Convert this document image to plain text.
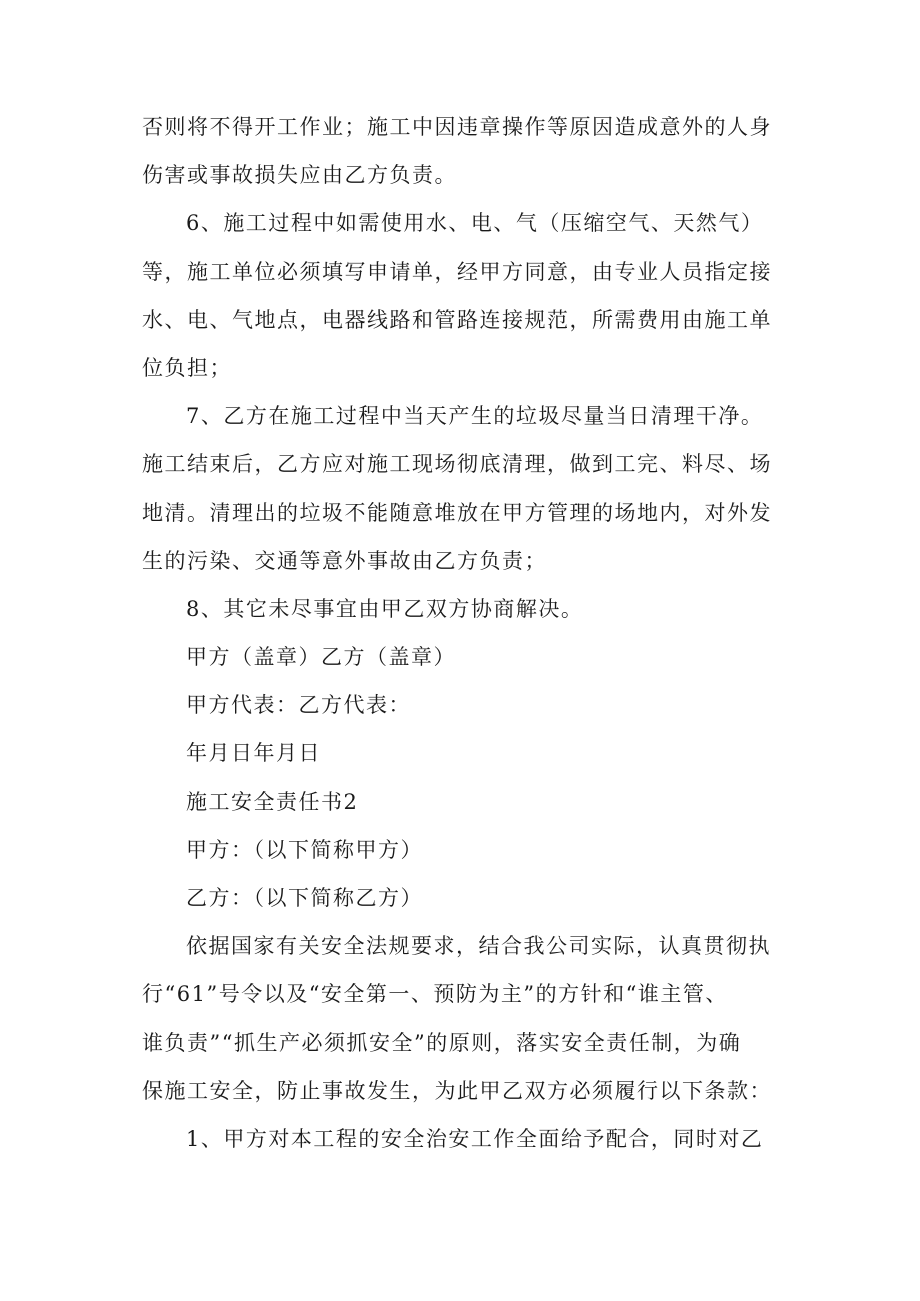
否则将不得开工作业；施工中因违章操作等原因造成意外的人身
伤害或事故损失应由乙方负责。
6、施工过程中如需使用水、电、气（压缩空气、天然气）
等，施工单位必须填写申请单，经甲方同意，由专业人员指定接
水、电、气地点，电器线路和管路连接规范，所需费用由施工单
位负担；
7、乙方在施工过程中当天产生的垃圾尽量当日清理干净。
施工结束后，乙方应对施工现场彻底清理，做到工完、料尽、场
地清。清理出的垃圾不能随意堆放在甲方管理的场地内，对外发
生的污染、交通等意外事故由乙方负责；
8、其它未尽事宜由甲乙双方协商解决。
甲方（盖章）乙方（盖章）
甲方代表：乙方代表：
年月日年月日
施工安全责任书2
甲方：（以下简称甲方）
乙方：（以下简称乙方）
依据国家有关安全法规要求，结合我公司实际，认真贯彻执
行“61”号令以及“安全第一、预防为主”的方针和“谁主管、
谁负责”“抓生产必须抓安全”的原则，落实安全责任制，为确
保施工安全，防止事故发生，为此甲乙双方必须履行以下条款：
1、甲方对本工程的安全治安工作全面给予配合，同时对乙
